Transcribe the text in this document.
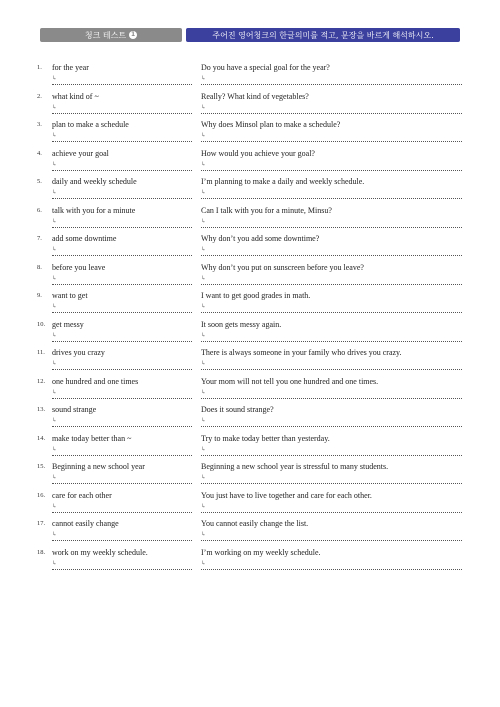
청크 테스트 1	주어진 영어청크의 한글의미를 적고, 문장을 바르게 해석하시오.
1.	for the year	Do you have a special goal for the year?
↳	↳
2.	what kind of ~	Really? What kind of vegetables?
↳	↳
3.	plan to make a schedule	Why does Minsol plan to make a schedule?
↳	↳
4.	achieve your goal	How would you achieve your goal?
↳	↳
5.	daily and weekly schedule	I’m planning to make a daily and weekly schedule.
↳	↳
6.	talk with you for a minute	Can I talk with you for a minute, Minsu?
↳	↳
7.	add some downtime	Why don’t you add some downtime?
↳	↳
8.	before you leave	Why don’t you put on sunscreen before you leave?
↳	↳
9.	want to get	I want to get good grades in math.
↳	↳
10. get messy	It soon gets messy again.
↳	↳
11. drives you crazy	There is always someone in your family who drives you crazy.
↳	↳
12. one hundred and one times	Your mom will not tell you one hundred and one times.
↳	↳
13. sound strange	Does it sound strange?
↳	↳
14. make today better than ~	Try to make today better than yesterday.
↳	↳
15. Beginning a new school year	Beginning a new school year is stressful to many students.
↳	↳
16. care for each other	You just have to live together and care for each other.
↳	↳
17. cannot easily change	You cannot easily change the list.
↳	↳
18. work on my weekly schedule.	I’m working on my weekly schedule.
↳	↳
